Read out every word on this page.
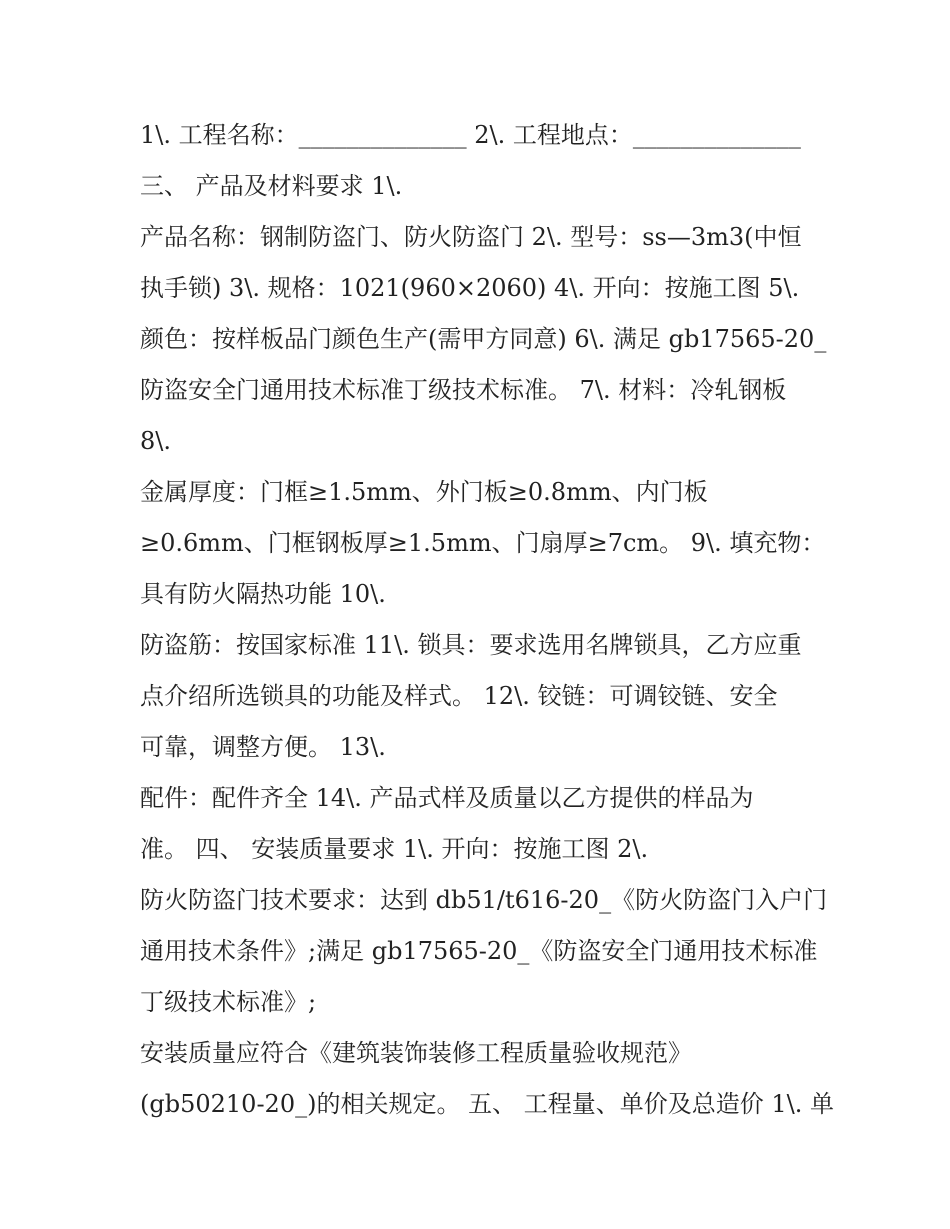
1\. 工程名称：______________ 2\. 工程地点：______________
三、 产品及材料要求 1\.
产品名称：钢制防盗门、防火防盗门 2\. 型号：ss—3m3(中恒
执手锁) 3\. 规格：1021(960×2060) 4\. 开向：按施工图 5\.
颜色：按样板品门颜色生产(需甲方同意) 6\. 满足 gb17565-20_
防盗安全门通用技术标准丁级技术标准。 7\. 材料：冷轧钢板
8\.
金属厚度：门框≥1.5mm、外门板≥0.8mm、内门板
≥0.6mm、门框钢板厚≥1.5mm、门扇厚≥7cm。 9\. 填充物：
具有防火隔热功能 10\.
防盗筋：按国家标准 11\. 锁具：要求选用名牌锁具，乙方应重
点介绍所选锁具的功能及样式。 12\. 铰链：可调铰链、安全
可靠，调整方便。 13\.
配件：配件齐全 14\. 产品式样及质量以乙方提供的样品为
准。 四、 安装质量要求 1\. 开向：按施工图 2\.
防火防盗门技术要求：达到 db51/t616-20_《防火防盗门入户门
通用技术条件》;满足 gb17565-20_《防盗安全门通用技术标准
丁级技术标准》;
安装质量应符合《建筑装饰装修工程质量验收规范》
(gb50210-20_)的相关规定。 五、 工程量、单价及总造价 1\. 单
